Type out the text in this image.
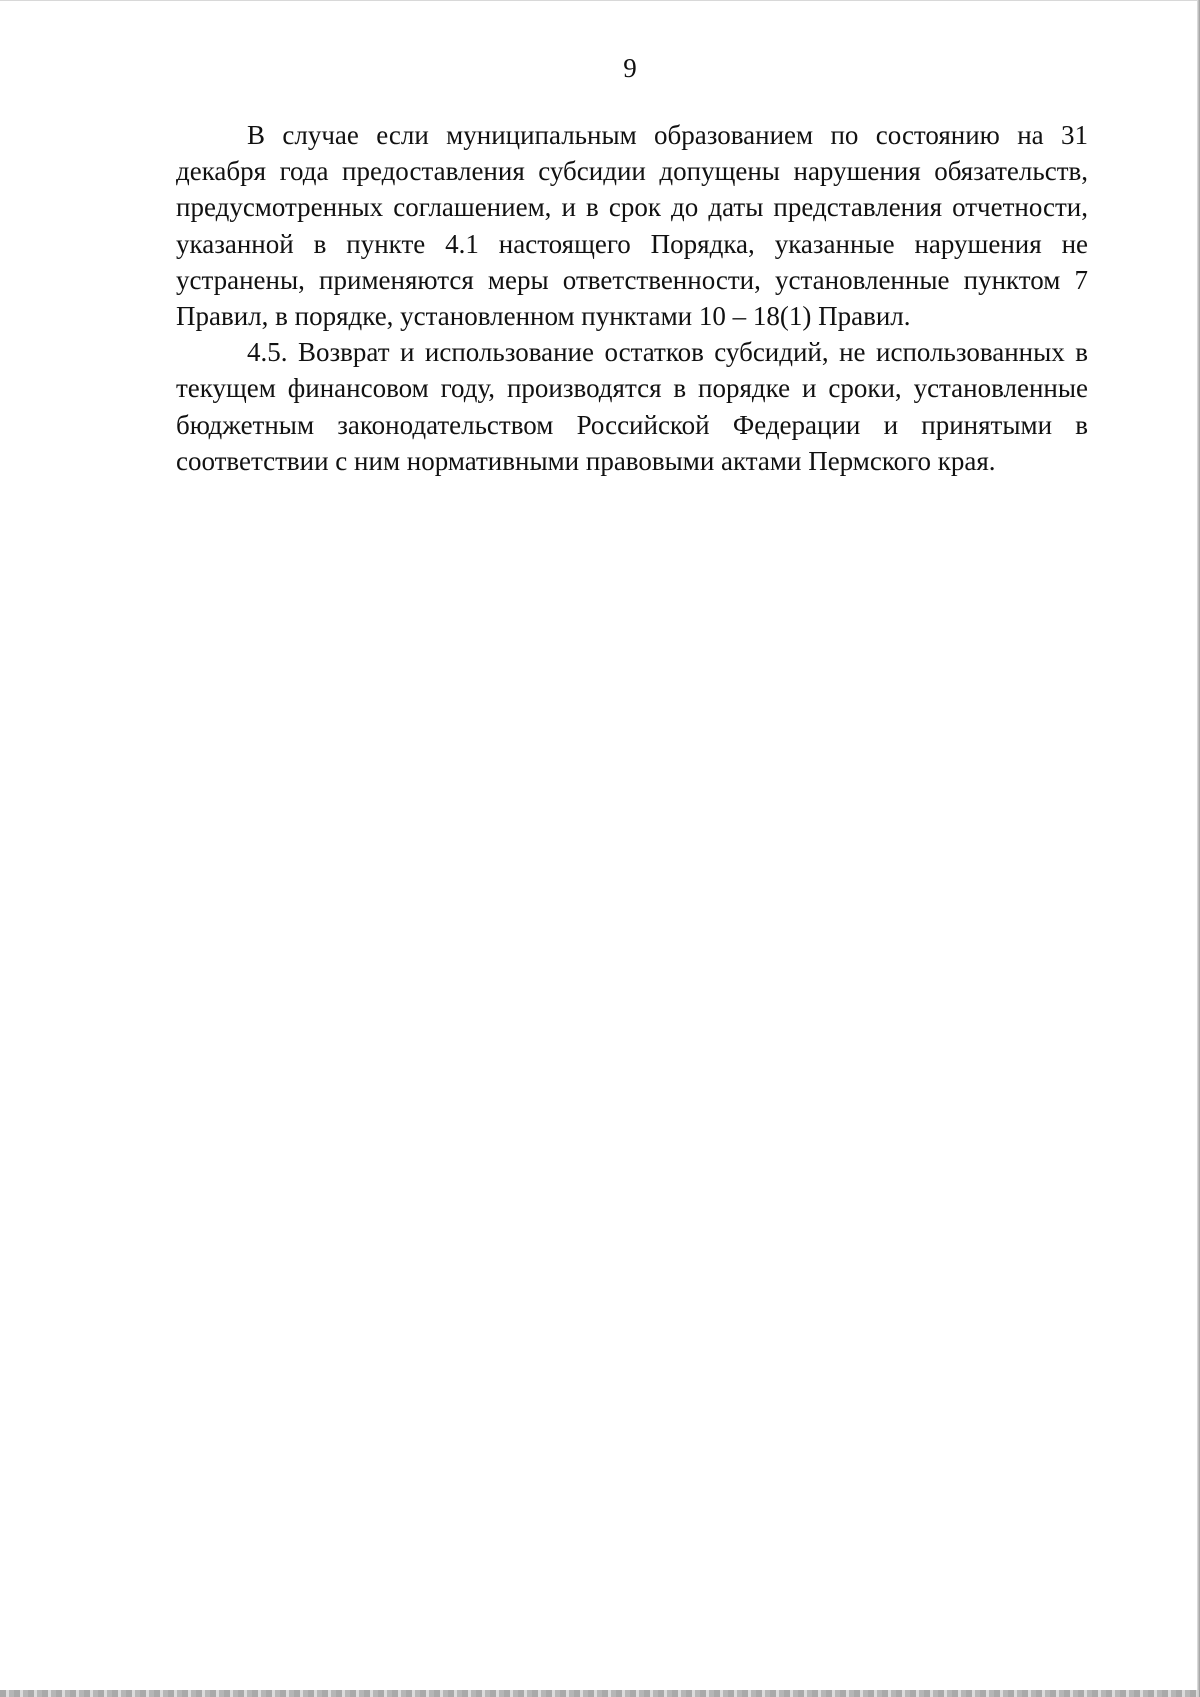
9

В случае если муниципальным образованием по состоянию на 31 декабря года предоставления субсидии допущены нарушения обязательств, предусмотренных соглашением, и в срок до даты представления отчетности, указанной в пункте 4.1 настоящего Порядка, указанные нарушения не устранены, применяются меры ответственности, установленные пунктом 7 Правил, в порядке, установленном пунктами 10 – 18(1) Правил.

4.5. Возврат и использование остатков субсидий, не использованных в текущем финансовом году, производятся в порядке и сроки, установленные бюджетным законодательством Российской Федерации и принятыми в соответствии с ним нормативными правовыми актами Пермского края.
